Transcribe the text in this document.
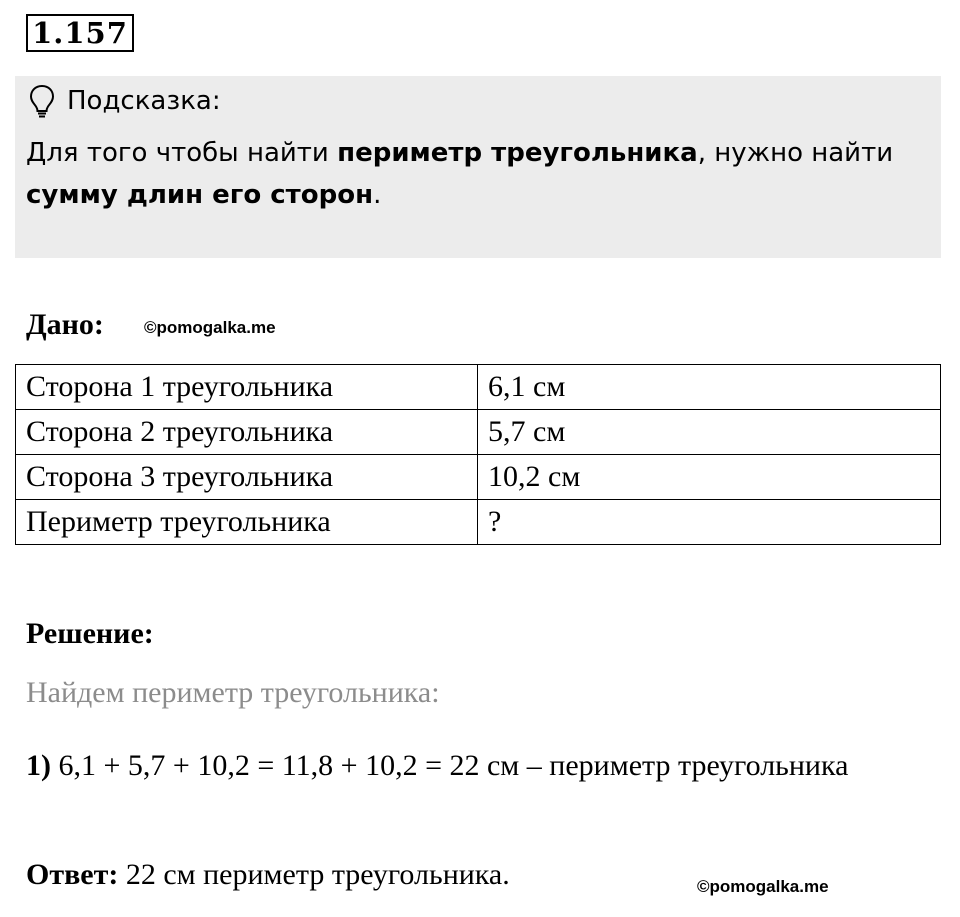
1.157
Подсказка:
Для того чтобы найти периметр треугольника, нужно найти
сумму длин его сторон.
Дано: ©pomogalka.me
Сторона 1 треугольника	6,1 см
Сторона 2 треугольника	5,7 см
Сторона 3 треугольника	10,2 см
Периметр треугольника	?
Решение:
Найдем периметр треугольника:
1) 6,1 + 5,7 + 10,2 = 11,8 + 10,2 = 22 см – периметр треугольника
Ответ: 22 см периметр треугольника.	©pomogalka.me
